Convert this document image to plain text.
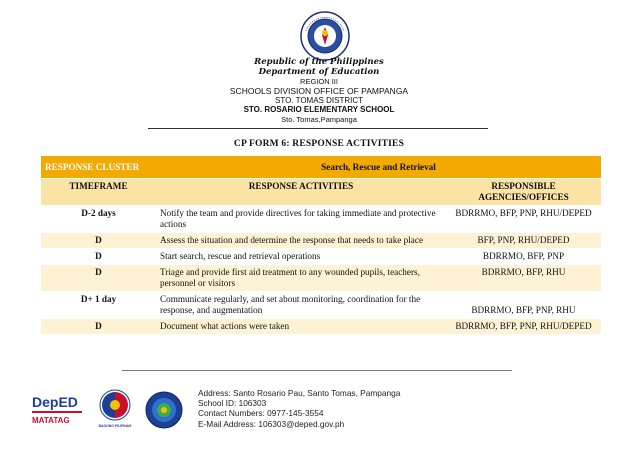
Republic of the Philippines
Department of Education
REGION III
SCHOOLS DIVISION OFFICE OF PAMPANGA
STO. TOMAS DISTRICT
STO. ROSARIO ELEMENTARY SCHOOL
Sto. Tomas,Pampanga
CP FORM 6: RESPONSE ACTIVITIES
RESPONSE CLUSTER	Search, Rescue and Retrieval	
TIMEFRAME	RESPONSE ACTIVITIES	RESPONSIBLE AGENCIES/OFFICES
D-2 days	Notify the team and provide directives for taking immediate and protective actions	BDRRMO, BFP, PNP, RHU/DEPED
D	Assess the situation and determine the response that needs to take place	BFP, PNP, RHU/DEPED
D	Start search, rescue and retrieval operations	BDRRMO, BFP, PNP
D	Triage and provide first aid treatment to any wounded pupils, teachers, personnel or visitors	BDRRMO, BFP, RHU
D+ 1 day	Communicate regularly, and set about monitoring, coordination for the response, and augmentation	BDRRMO, BFP, PNP, RHU
D	Document what actions were taken	BDRRMO, BFP, PNP, RHU/DEPED
DepED
MATATAG
BAGONG PILIPINAS
Address: Santo Rosario Pau, Santo Tomas, Pampanga
School ID: 106303
Contact Numbers: 0977-145-3554
E-Mail Address: 106303@deped.gov.ph
